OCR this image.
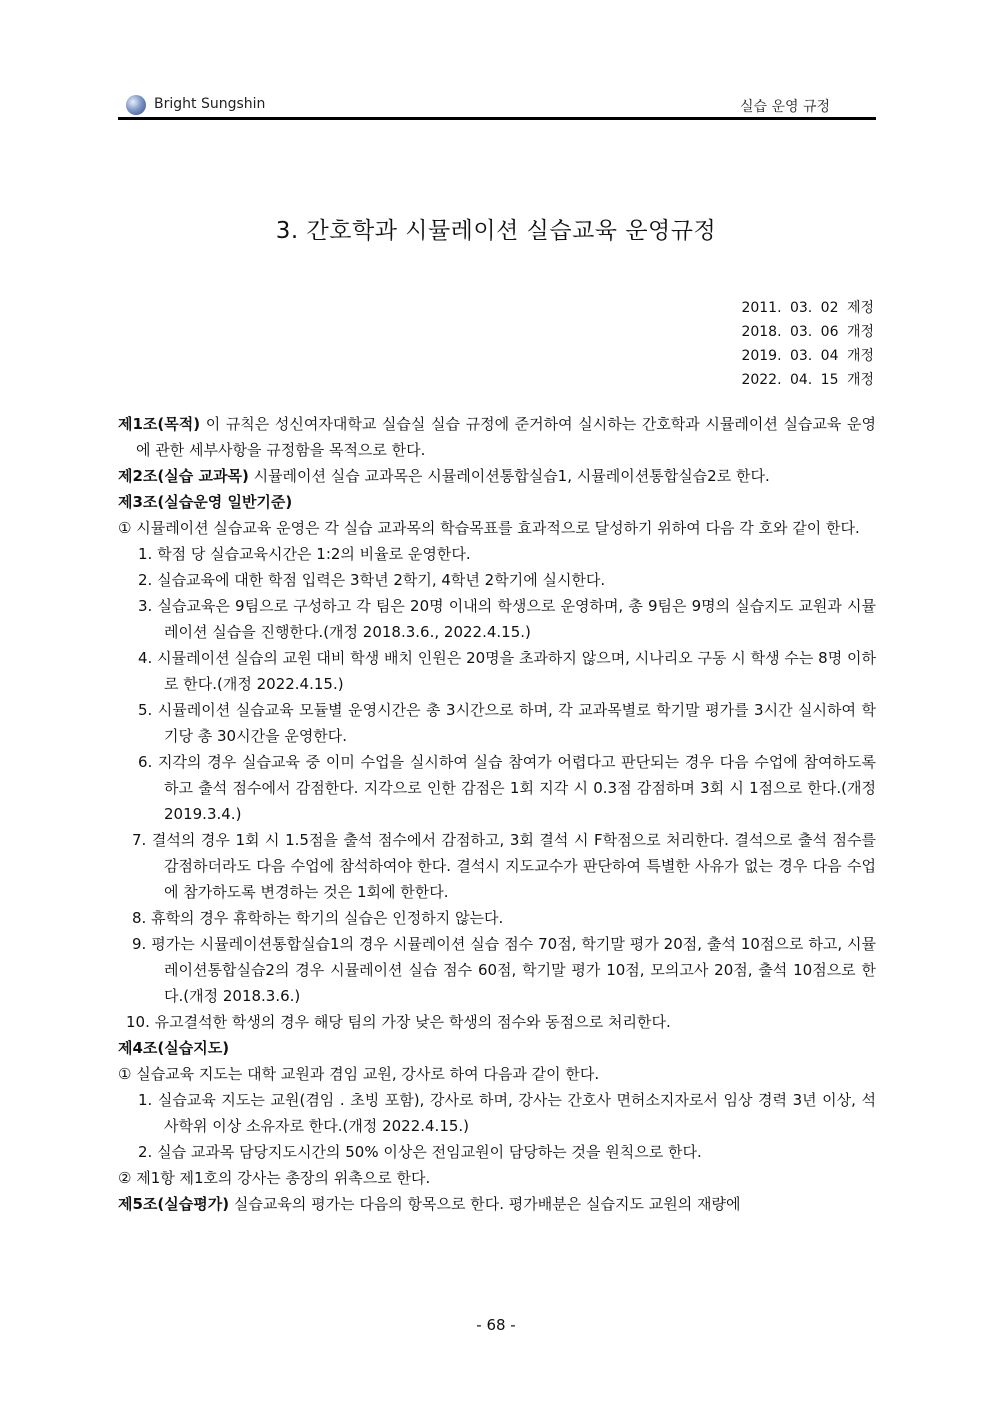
Bright Sungshin	실습 운영 규정
3. 간호학과 시뮬레이션 실습교육 운영규정
2011. 03. 02 제정
2018. 03. 06 개정
2019. 03. 04 개정
2022. 04. 15 개정
제1조(목적) 이 규칙은 성신여자대학교 실습실 실습 규정에 준거하여 실시하는 간호학과 시뮬레이션 실습교육 운영에 관한 세부사항을 규정함을 목적으로 한다.
제2조(실습 교과목) 시뮬레이션 실습 교과목은 시뮬레이션통합실습1, 시뮬레이션통합실습2로 한다.
제3조(실습운영 일반기준)
① 시뮬레이션 실습교육 운영은 각 실습 교과목의 학습목표를 효과적으로 달성하기 위하여 다음 각 호와 같이 한다.
1. 학점 당 실습교육시간은 1:2의 비율로 운영한다.
2. 실습교육에 대한 학점 입력은 3학년 2학기, 4학년 2학기에 실시한다.
3. 실습교육은 9팀으로 구성하고 각 팀은 20명 이내의 학생으로 운영하며, 총 9팀은 9명의 실습지도 교원과 시뮬레이션 실습을 진행한다.(개정 2018.3.6., 2022.4.15.)
4. 시뮬레이션 실습의 교원 대비 학생 배치 인원은 20명을 초과하지 않으며, 시나리오 구동 시 학생 수는 8명 이하로 한다.(개정 2022.4.15.)
5. 시뮬레이션 실습교육 모듈별 운영시간은 총 3시간으로 하며, 각 교과목별로 학기말 평가를 3시간 실시하여 학기당 총 30시간을 운영한다.
6. 지각의 경우 실습교육 중 이미 수업을 실시하여 실습 참여가 어렵다고 판단되는 경우 다음 수업에 참여하도록 하고 출석 점수에서 감점한다. 지각으로 인한 감점은 1회 지각 시 0.3점 감점하며 3회 시 1점으로 한다.(개정 2019.3.4.)
7. 결석의 경우 1회 시 1.5점을 출석 점수에서 감점하고, 3회 결석 시 F학점으로 처리한다. 결석으로 출석 점수를 감점하더라도 다음 수업에 참석하여야 한다. 결석시 지도교수가 판단하여 특별한 사유가 없는 경우 다음 수업에 참가하도록 변경하는 것은 1회에 한한다.
8. 휴학의 경우 휴학하는 학기의 실습은 인정하지 않는다.
9. 평가는 시뮬레이션통합실습1의 경우 시뮬레이션 실습 점수 70점, 학기말 평가 20점, 출석 10점으로 하고, 시뮬레이션통합실습2의 경우 시뮬레이션 실습 점수 60점, 학기말 평가 10점, 모의고사 20점, 출석 10점으로 한다.(개정 2018.3.6.)
10. 유고결석한 학생의 경우 해당 팀의 가장 낮은 학생의 점수와 동점으로 처리한다.
제4조(실습지도)
① 실습교육 지도는 대학 교원과 겸임 교원, 강사로 하여 다음과 같이 한다.
1. 실습교육 지도는 교원(겸임 . 초빙 포함), 강사로 하며, 강사는 간호사 면허소지자로서 임상 경력 3년 이상, 석사학위 이상 소유자로 한다.(개정 2022.4.15.)
2. 실습 교과목 담당지도시간의 50% 이상은 전임교원이 담당하는 것을 원칙으로 한다.
② 제1항 제1호의 강사는 총장의 위촉으로 한다.
제5조(실습평가) 실습교육의 평가는 다음의 항목으로 한다. 평가배분은 실습지도 교원의 재량에
- 68 -
